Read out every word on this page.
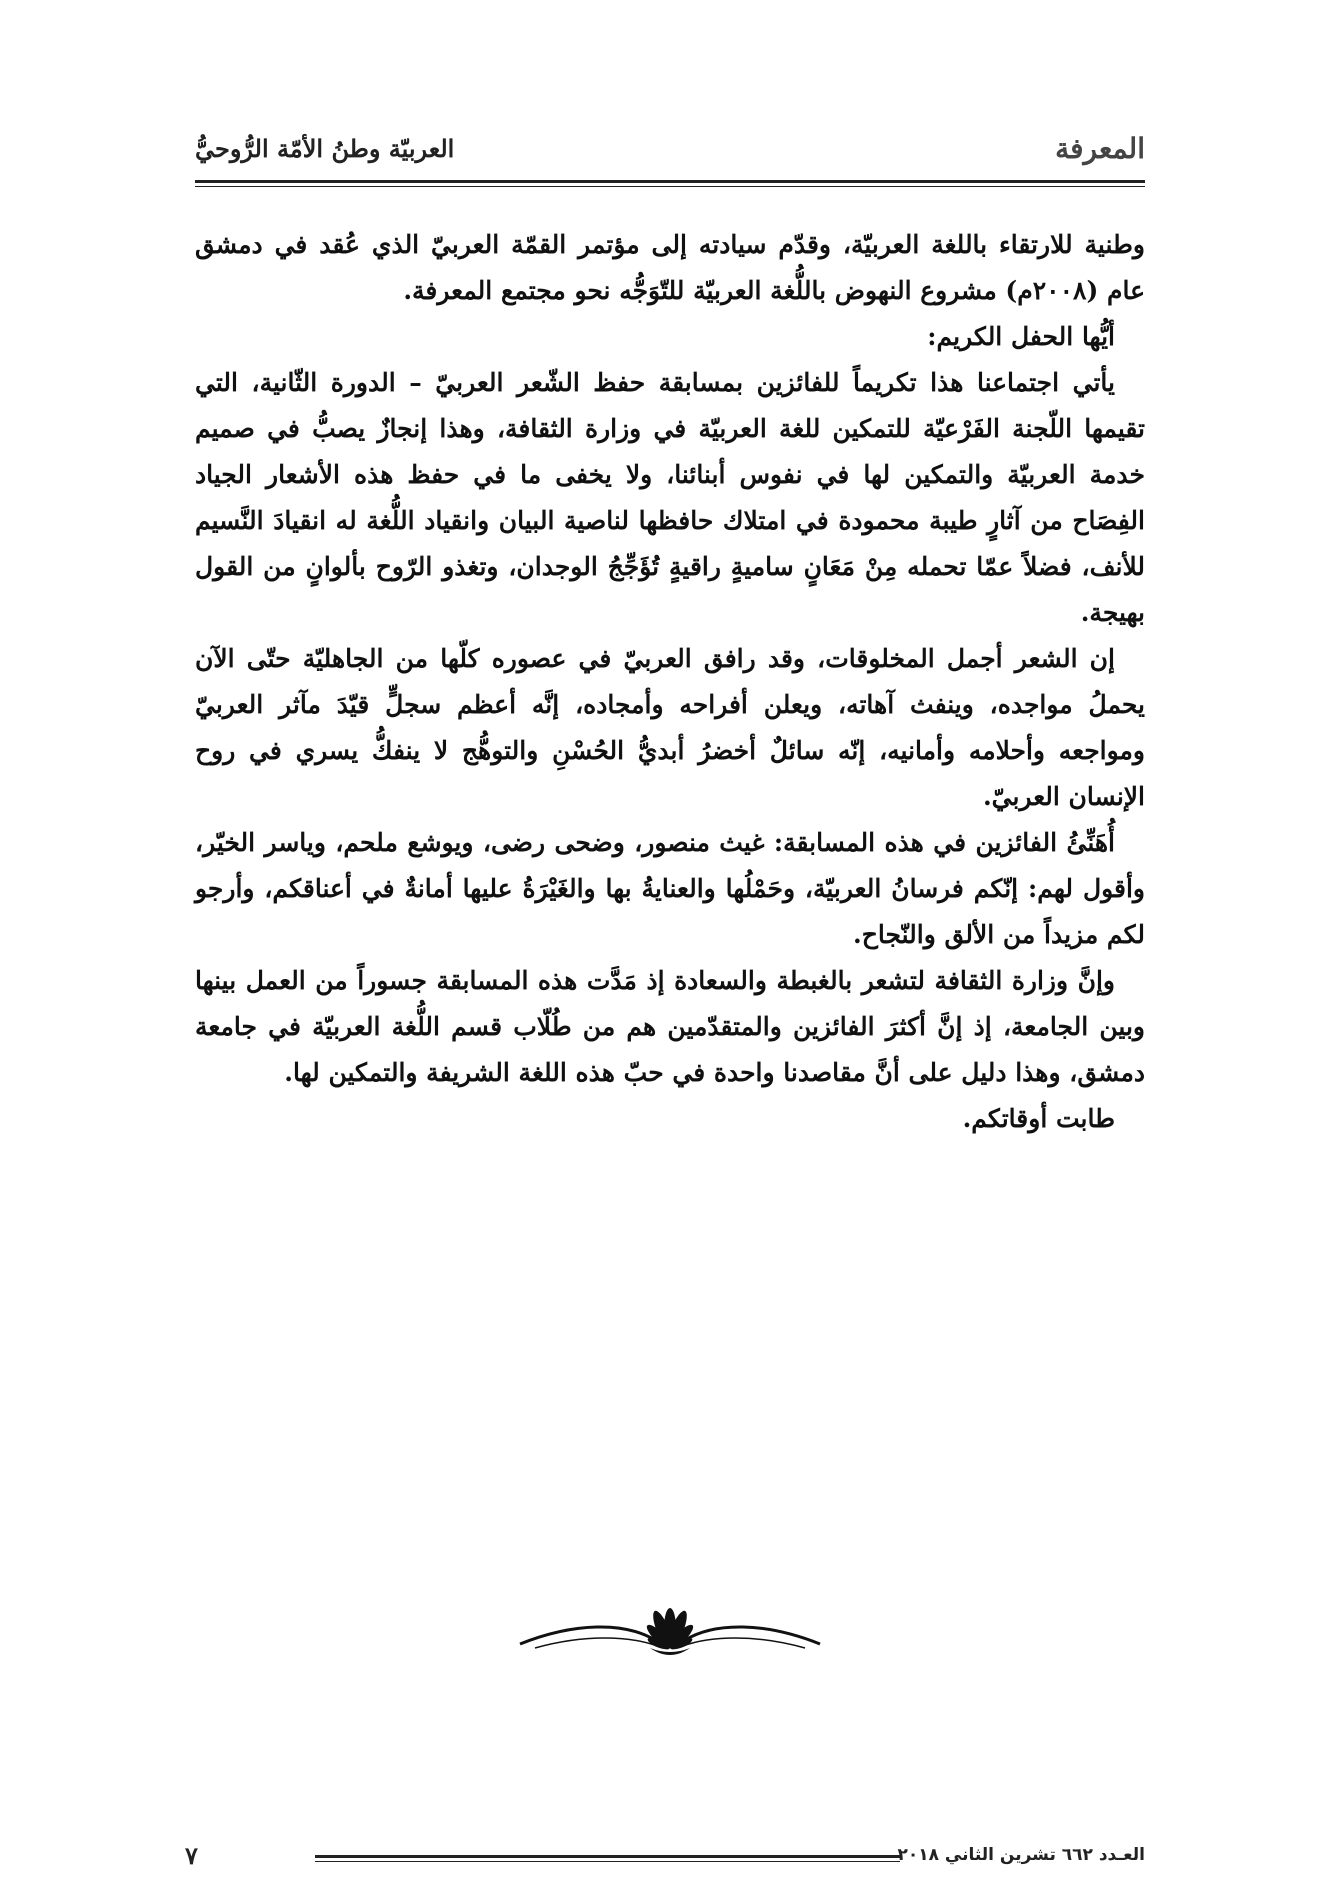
المعرفة
العربيّة وطنُ الأمّة الرُّوحيُّ

وطنية للارتقاء باللغة العربيّة، وقدّم سيادته إلى مؤتمر القمّة العربيّ الذي عُقد في دمشق عام (٢٠٠٨م) مشروع النهوض باللُّغة العربيّة للتّوَجُّه نحو مجتمع المعرفة.

أيُّها الحفل الكريم:

يأتي اجتماعنا هذا تكريماً للفائزين بمسابقة حفظ الشّعر العربيّ – الدورة الثّانية، التي تقيمها اللّجنة الفَرْعيّة للتمكين للغة العربيّة في وزارة الثقافة، وهذا إنجازٌ يصبُّ في صميم خدمة العربيّة والتمكين لها في نفوس أبنائنا، ولا يخفى ما في حفظ هذه الأشعار الجياد الفِصَاح من آثارٍ طيبة محمودة في امتلاك حافظها لناصية البيان وانقياد اللُّغة له انقيادَ النَّسيم للأنف، فضلاً عمّا تحمله مِنْ مَعَانٍ ساميةٍ راقيةٍ تُؤَجِّجُ الوجدان، وتغذو الرّوح بألوانٍ من القول بهيجة.

إن الشعر أجمل المخلوقات، وقد رافق العربيّ في عصوره كلّها من الجاهليّة حتّى الآن يحملُ مواجده، وينفث آهاته، ويعلن أفراحه وأمجاده، إنَّه أعظم سجلٍّ قيّدَ مآثر العربيّ ومواجعه وأحلامه وأمانيه، إنّه سائلٌ أخضرُ أبديُّ الحُسْنِ والتوهُّج لا ينفكُّ يسري في روح الإنسان العربيّ.

أُهَنِّئُ الفائزين في هذه المسابقة: غيث منصور، وضحى رضى، ويوشع ملحم، وياسر الخيّر، وأقول لهم: إنّكم فرسانُ العربيّة، وحَمْلُها والعنايةُ بها والغَيْرَةُ عليها أمانةٌ في أعناقكم، وأرجو لكم مزيداً من الألق والنّجاح.

وإنَّ وزارة الثقافة لتشعر بالغبطة والسعادة إذ مَدَّت هذه المسابقة جسوراً من العمل بينها وبين الجامعة، إذ إنَّ أكثرَ الفائزين والمتقدّمين هم من طُلّاب قسم اللُّغة العربيّة في جامعة دمشق، وهذا دليل على أنَّ مقاصدنا واحدة في حبّ هذه اللغة الشريفة والتمكين لها.

طابت أوقاتكم.

العـدد ٦٦٢ تشرين الثاني ٢٠١٨
٧
